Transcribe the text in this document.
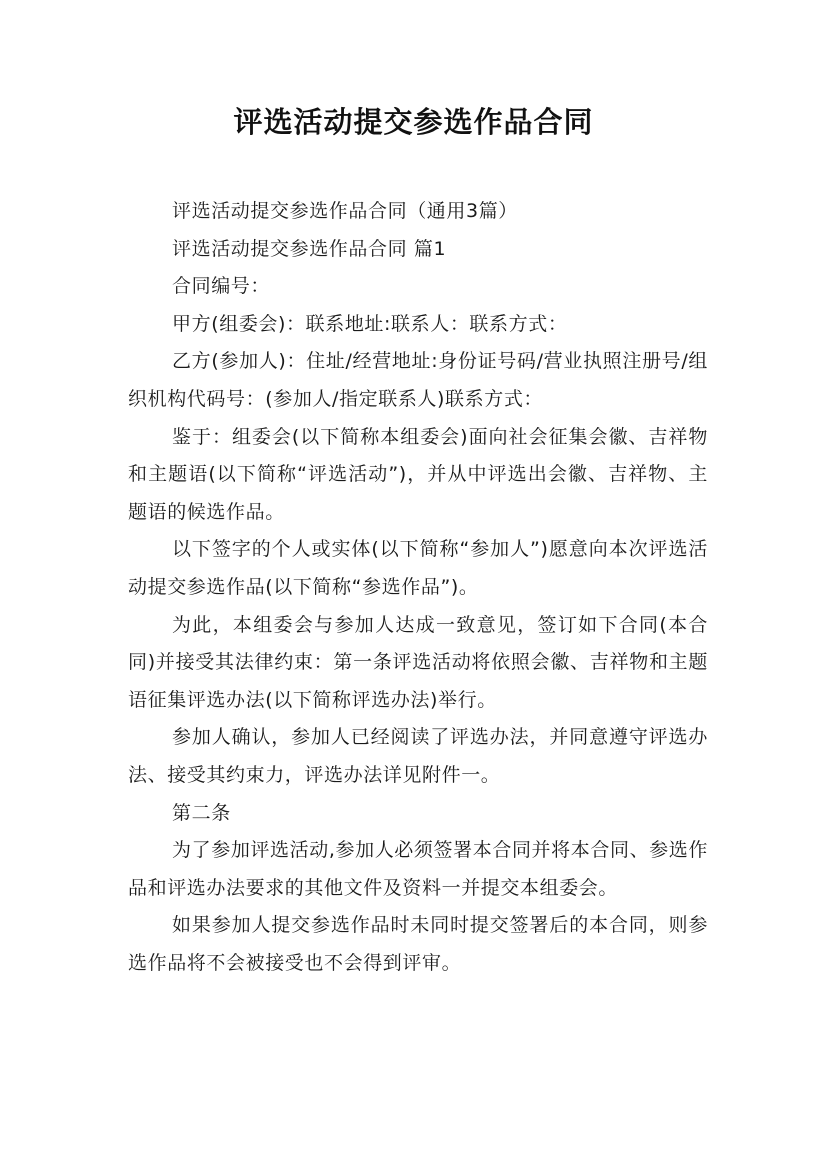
评选活动提交参选作品合同

评选活动提交参选作品合同（通用3篇）

评选活动提交参选作品合同 篇1

合同编号：

甲方(组委会)：联系地址:联系人：联系方式：

乙方(参加人)：住址/经营地址:身份证号码/营业执照注册号/组织机构代码号：(参加人/指定联系人)联系方式：

鉴于：组委会(以下简称本组委会)面向社会征集会徽、吉祥物和主题语(以下简称“评选活动”)，并从中评选出会徽、吉祥物、主题语的候选作品。

以下签字的个人或实体(以下简称“参加人”)愿意向本次评选活动提交参选作品(以下简称“参选作品”)。

为此，本组委会与参加人达成一致意见，签订如下合同(本合同)并接受其法律约束：第一条评选活动将依照会徽、吉祥物和主题语征集评选办法(以下简称评选办法)举行。

参加人确认，参加人已经阅读了评选办法，并同意遵守评选办法、接受其约束力，评选办法详见附件一。

第二条

为了参加评选活动,参加人必须签署本合同并将本合同、参选作品和评选办法要求的其他文件及资料一并提交本组委会。

如果参加人提交参选作品时未同时提交签署后的本合同，则参选作品将不会被接受也不会得到评审。
